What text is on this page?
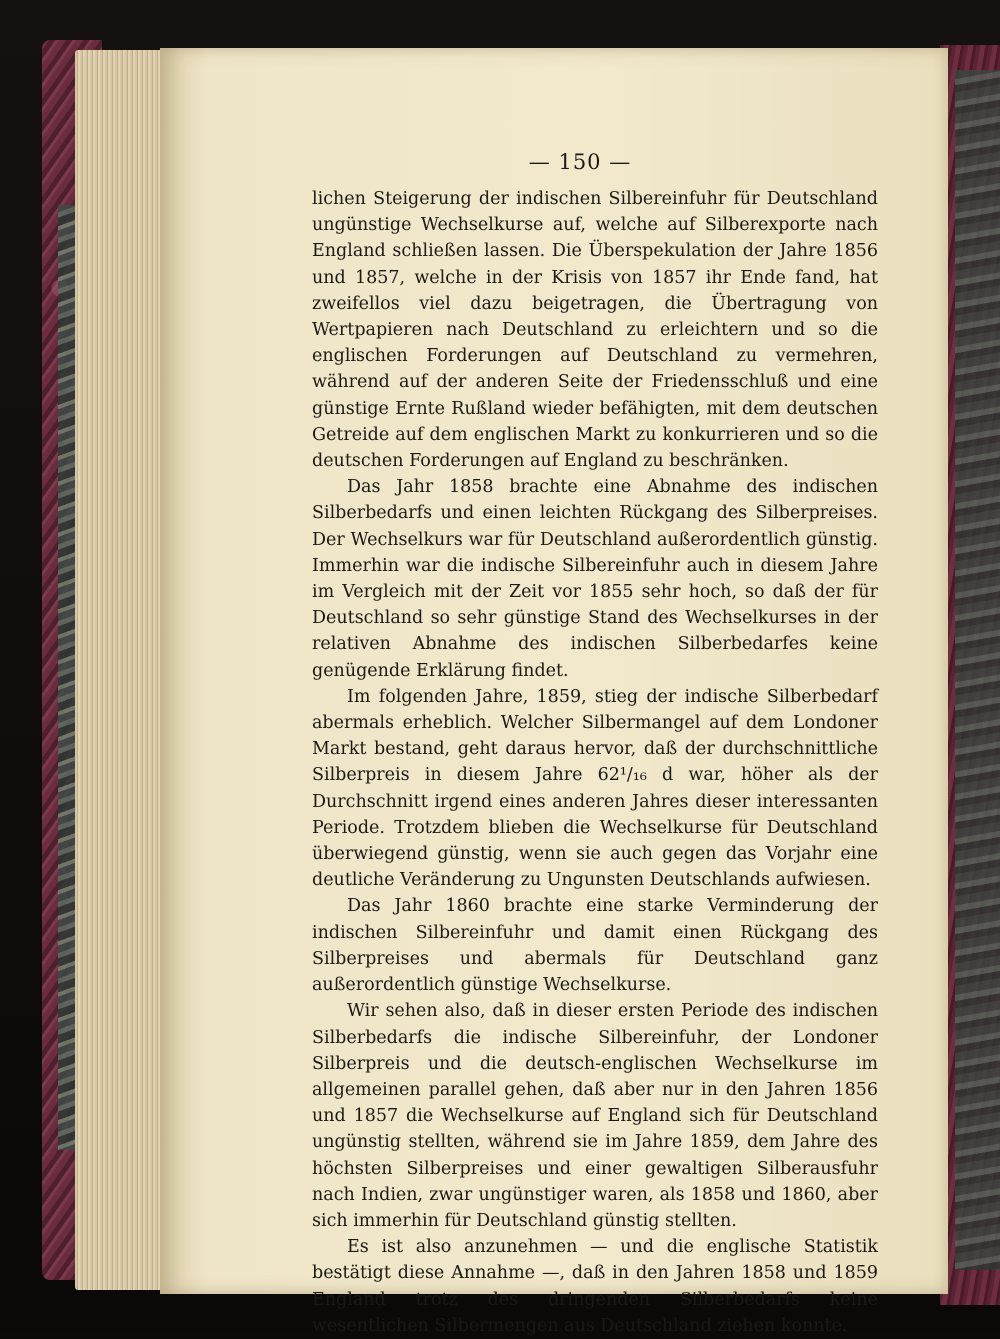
— 150 —

lichen Steigerung der indischen Silbereinfuhr für Deutschland ungünstige Wechselkurse auf, welche auf Silberexporte nach England schließen lassen. Die Überspekulation der Jahre 1856 und 1857, welche in der Krisis von 1857 ihr Ende fand, hat zweifellos viel dazu beigetragen, die Übertragung von Wertpapieren nach Deutschland zu erleichtern und so die englischen Forderungen auf Deutschland zu vermehren, während auf der anderen Seite der Friedensschluß und eine günstige Ernte Rußland wieder befähigten, mit dem deutschen Getreide auf dem englischen Markt zu konkurrieren und so die deutschen Forderungen auf England zu beschränken.

Das Jahr 1858 brachte eine Abnahme des indischen Silberbedarfs und einen leichten Rückgang des Silberpreises. Der Wechselkurs war für Deutschland außerordentlich günstig. Immerhin war die indische Silbereinfuhr auch in diesem Jahre im Vergleich mit der Zeit vor 1855 sehr hoch, so daß der für Deutschland so sehr günstige Stand des Wechselkurses in der relativen Abnahme des indischen Silberbedarfes keine genügende Erklärung findet.

Im folgenden Jahre, 1859, stieg der indische Silberbedarf abermals erheblich. Welcher Silbermangel auf dem Londoner Markt bestand, geht daraus hervor, daß der durchschnittliche Silberpreis in diesem Jahre 62¹/₁₆ d war, höher als der Durchschnitt irgend eines anderen Jahres dieser interessanten Periode. Trotzdem blieben die Wechselkurse für Deutschland überwiegend günstig, wenn sie auch gegen das Vorjahr eine deutliche Veränderung zu Ungunsten Deutschlands aufwiesen.

Das Jahr 1860 brachte eine starke Verminderung der indischen Silbereinfuhr und damit einen Rückgang des Silberpreises und abermals für Deutschland ganz außerordentlich günstige Wechselkurse.

Wir sehen also, daß in dieser ersten Periode des indischen Silberbedarfs die indische Silbereinfuhr, der Londoner Silberpreis und die deutsch-englischen Wechselkurse im allgemeinen parallel gehen, daß aber nur in den Jahren 1856 und 1857 die Wechselkurse auf England sich für Deutschland ungünstig stellten, während sie im Jahre 1859, dem Jahre des höchsten Silberpreises und einer gewaltigen Silberausfuhr nach Indien, zwar ungünstiger waren, als 1858 und 1860, aber sich immerhin für Deutschland günstig stellten.

Es ist also anzunehmen — und die englische Statistik bestätigt diese Annahme —, daß in den Jahren 1858 und 1859 England trotz des dringenden Silberbedarfs keine wesentlichen Silbermengen aus Deutschland ziehen konnte.
